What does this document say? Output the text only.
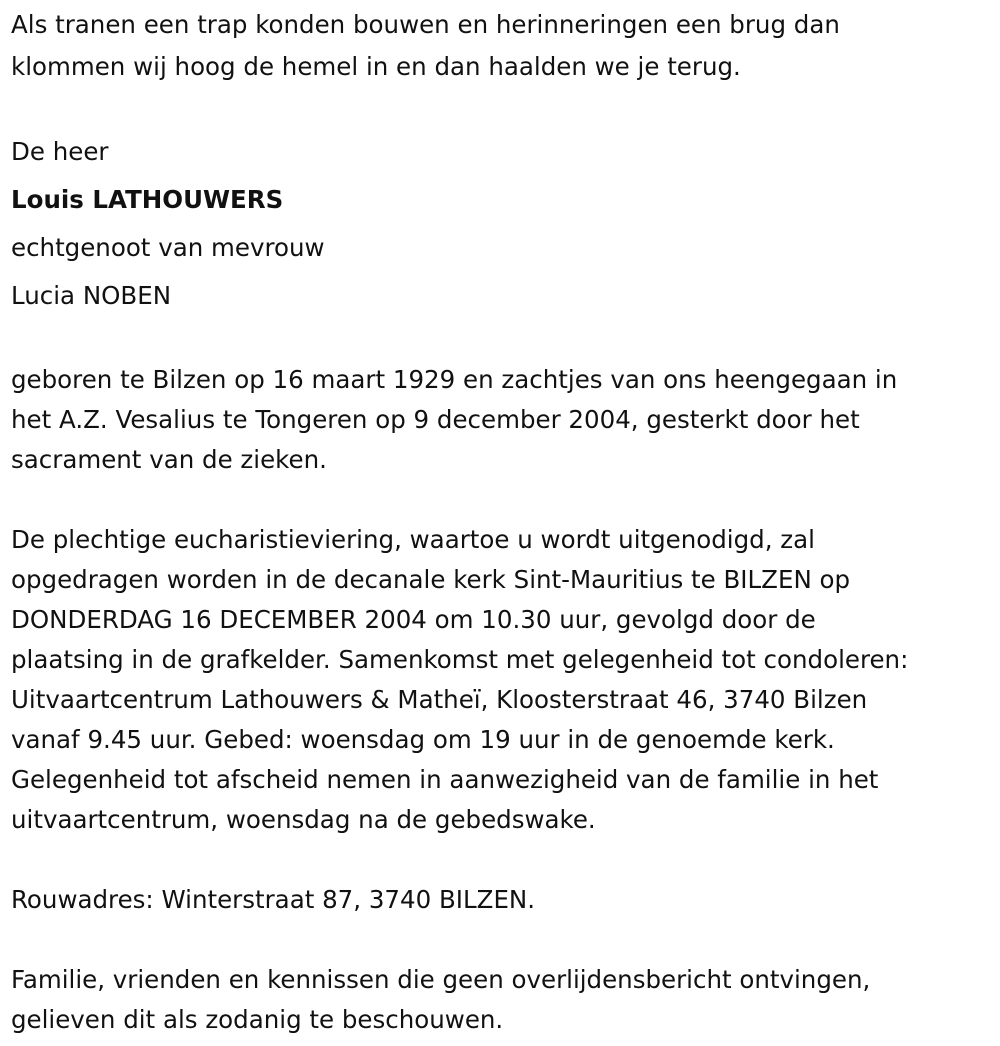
Als tranen een trap konden bouwen en herinneringen een brug dan
klommen wij hoog de hemel in en dan haalden we je terug.
De heer
Louis LATHOUWERS
echtgenoot van mevrouw
Lucia NOBEN
geboren te Bilzen op 16 maart 1929 en zachtjes van ons heengegaan in
het A.Z. Vesalius te Tongeren op 9 december 2004, gesterkt door het
sacrament van de zieken.
De plechtige eucharistieviering, waartoe u wordt uitgenodigd, zal
opgedragen worden in de decanale kerk Sint-Mauritius te BILZEN op
DONDERDAG 16 DECEMBER 2004 om 10.30 uur, gevolgd door de
plaatsing in de grafkelder. Samenkomst met gelegenheid tot condoleren:
Uitvaartcentrum Lathouwers & Matheï, Kloosterstraat 46, 3740 Bilzen
vanaf 9.45 uur. Gebed: woensdag om 19 uur in de genoemde kerk.
Gelegenheid tot afscheid nemen in aanwezigheid van de familie in het
uitvaartcentrum, woensdag na de gebedswake.
Rouwadres: Winterstraat 87, 3740 BILZEN.
Familie, vrienden en kennissen die geen overlijdensbericht ontvingen,
gelieven dit als zodanig te beschouwen.
